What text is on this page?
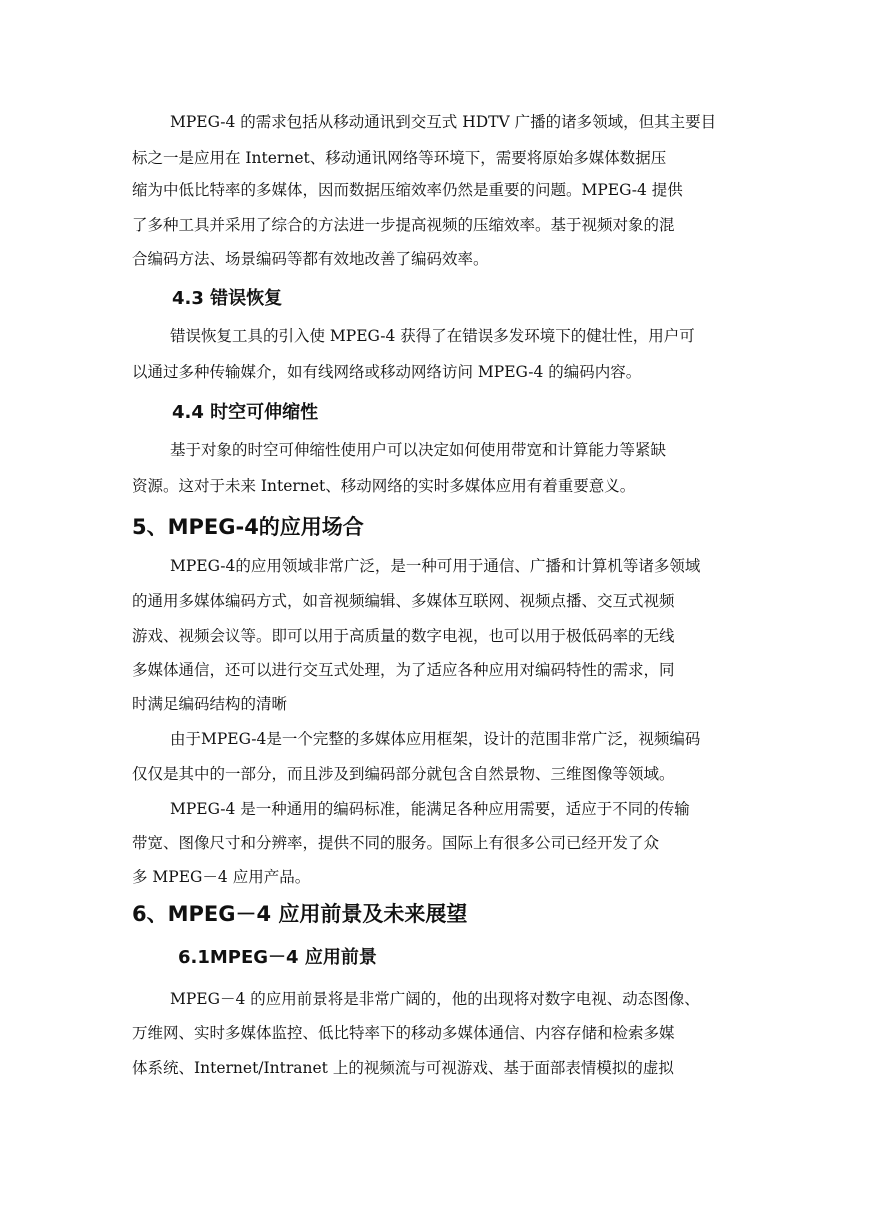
MPEG-4 的需求包括从移动通讯到交互式 HDTV 广播的诸多领域，但其主要目
标之一是应用在 Internet、移动通讯网络等环境下，需要将原始多媒体数据压
缩为中低比特率的多媒体，因而数据压缩效率仍然是重要的问题。MPEG-4 提供
了多种工具并采用了综合的方法进一步提高视频的压缩效率。基于视频对象的混
合编码方法、场景编码等都有效地改善了编码效率。
4.3 错误恢复
错误恢复工具的引入使 MPEG-4 获得了在错误多发环境下的健壮性，用户可
以通过多种传输媒介，如有线网络或移动网络访问 MPEG-4 的编码内容。
4.4 时空可伸缩性
基于对象的时空可伸缩性使用户可以决定如何使用带宽和计算能力等紧缺
资源。这对于未来 Internet、移动网络的实时多媒体应用有着重要意义。
5、MPEG-4的应用场合
MPEG-4的应用领域非常广泛，是一种可用于通信、广播和计算机等诸多领域
的通用多媒体编码方式，如音视频编辑、多媒体互联网、视频点播、交互式视频
游戏、视频会议等。即可以用于高质量的数字电视，也可以用于极低码率的无线
多媒体通信，还可以进行交互式处理，为了适应各种应用对编码特性的需求，同
时满足编码结构的清晰
由于MPEG-4是一个完整的多媒体应用框架，设计的范围非常广泛，视频编码
仅仅是其中的一部分，而且涉及到编码部分就包含自然景物、三维图像等领域。
MPEG-4 是一种通用的编码标准，能满足各种应用需要，适应于不同的传输
带宽、图像尺寸和分辨率，提供不同的服务。国际上有很多公司已经开发了众
多 MPEG－4 应用产品。
6、MPEG－4 应用前景及未来展望
6.1MPEG－4 应用前景
MPEG－4 的应用前景将是非常广阔的，他的出现将对数字电视、动态图像、
万维网、实时多媒体监控、低比特率下的移动多媒体通信、内容存储和检索多媒
体系统、Internet/Intranet 上的视频流与可视游戏、基于面部表情模拟的虚拟
